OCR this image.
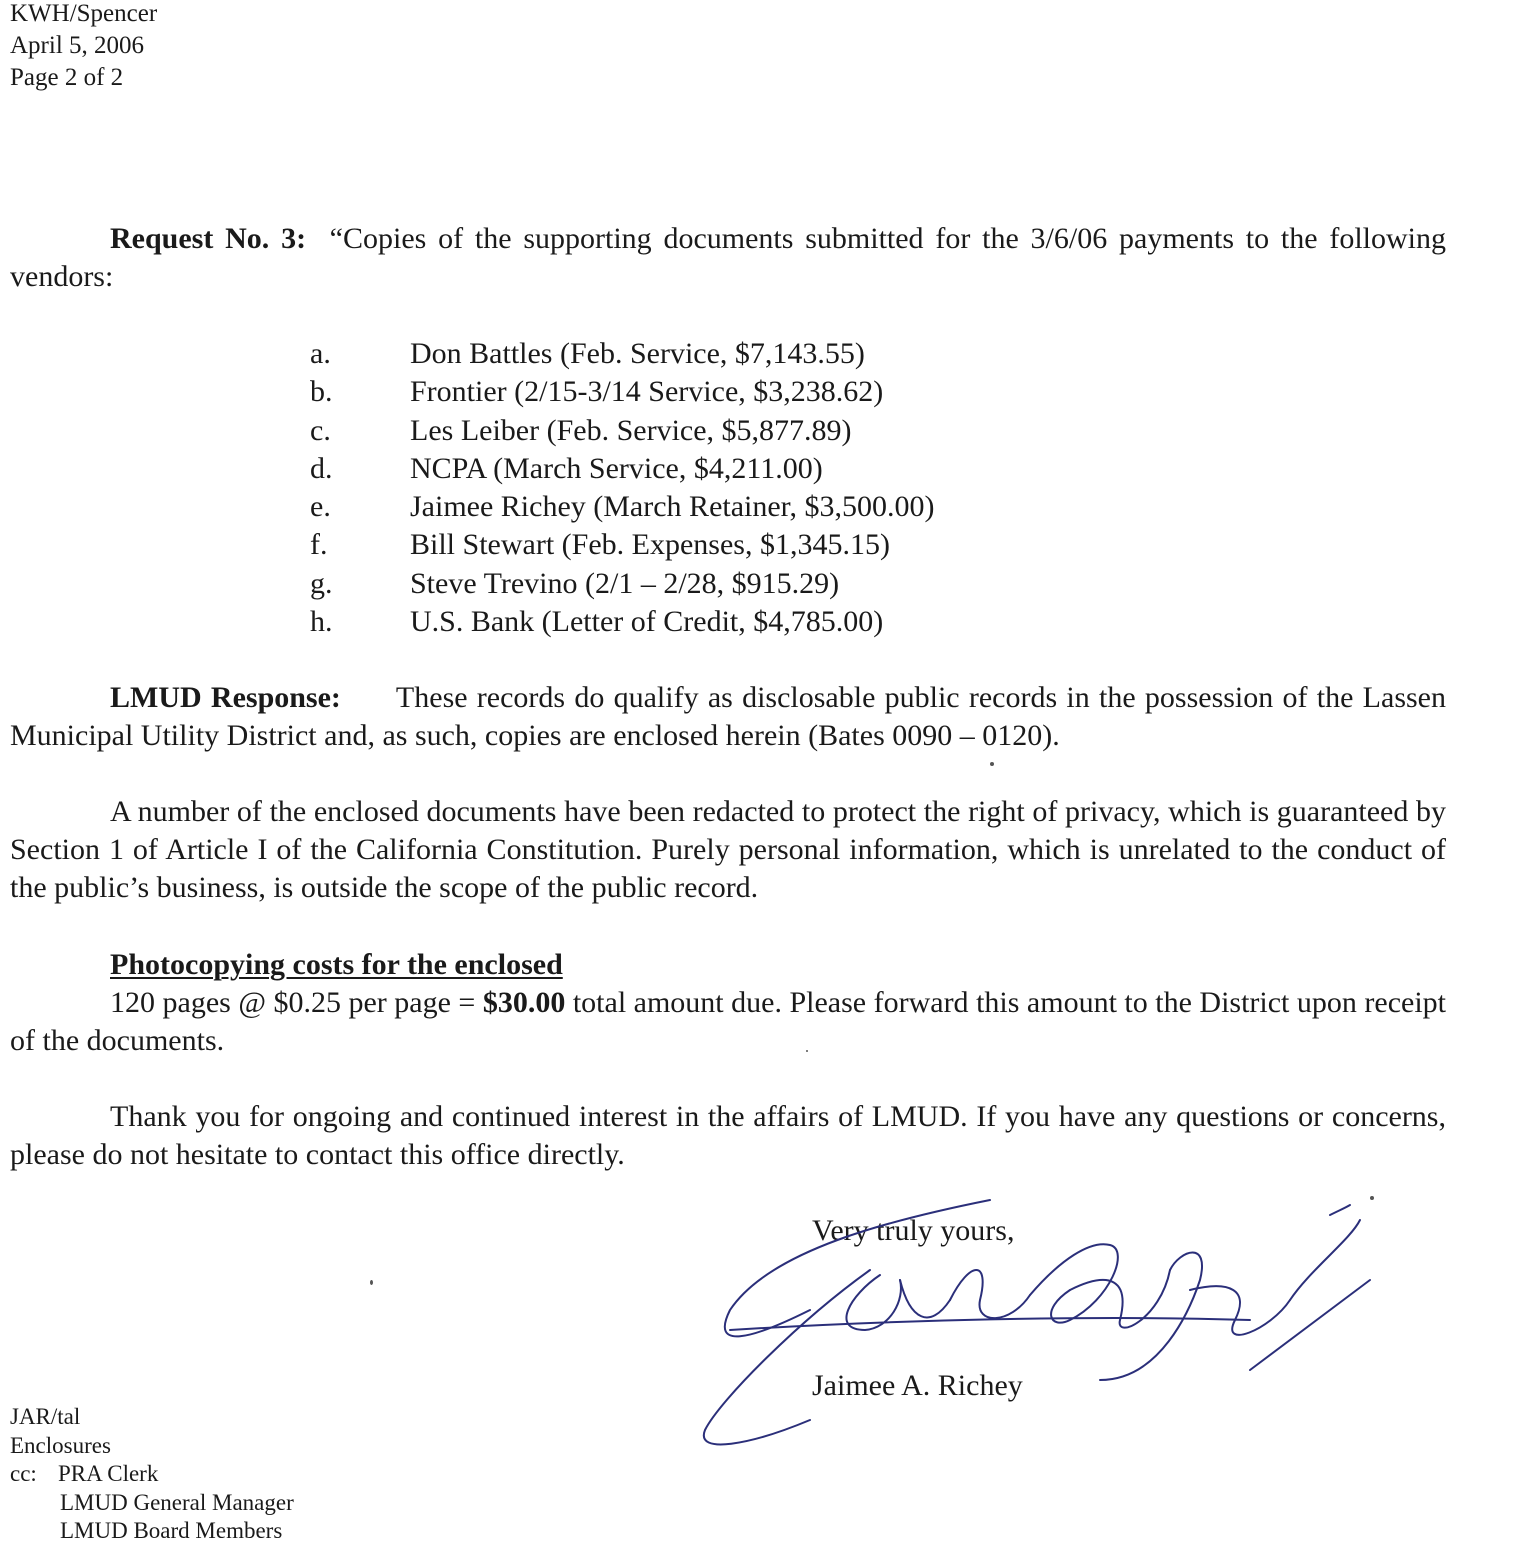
KWH/Spencer
April 5, 2006
Page 2 of 2
Request No. 3: “Copies of the supporting documents submitted for the 3/6/06 payments to the following vendors:
a.	Don Battles (Feb. Service, $7,143.55)
b.	Frontier (2/15-3/14 Service, $3,238.62)
c.	Les Leiber (Feb. Service, $5,877.89)
d.	NCPA (March Service, $4,211.00)
e.	Jaimee Richey (March Retainer, $3,500.00)
f.	Bill Stewart (Feb. Expenses, $1,345.15)
g.	Steve Trevino (2/1 – 2/28, $915.29)
h.	U.S. Bank (Letter of Credit, $4,785.00)
LMUD Response: These records do qualify as disclosable public records in the possession of the Lassen Municipal Utility District and, as such, copies are enclosed herein (Bates 0090 – 0120).
A number of the enclosed documents have been redacted to protect the right of privacy, which is guaranteed by Section 1 of Article I of the California Constitution. Purely personal information, which is unrelated to the conduct of the public’s business, is outside the scope of the public record.
Photocopying costs for the enclosed
120 pages @ $0.25 per page = $30.00 total amount due. Please forward this amount to the District upon receipt of the documents.
Thank you for ongoing and continued interest in the affairs of LMUD. If you have any questions or concerns, please do not hesitate to contact this office directly.
Very truly yours,
Jaimee A. Richey
JAR/tal
Enclosures
cc: PRA Clerk
LMUD General Manager
LMUD Board Members
